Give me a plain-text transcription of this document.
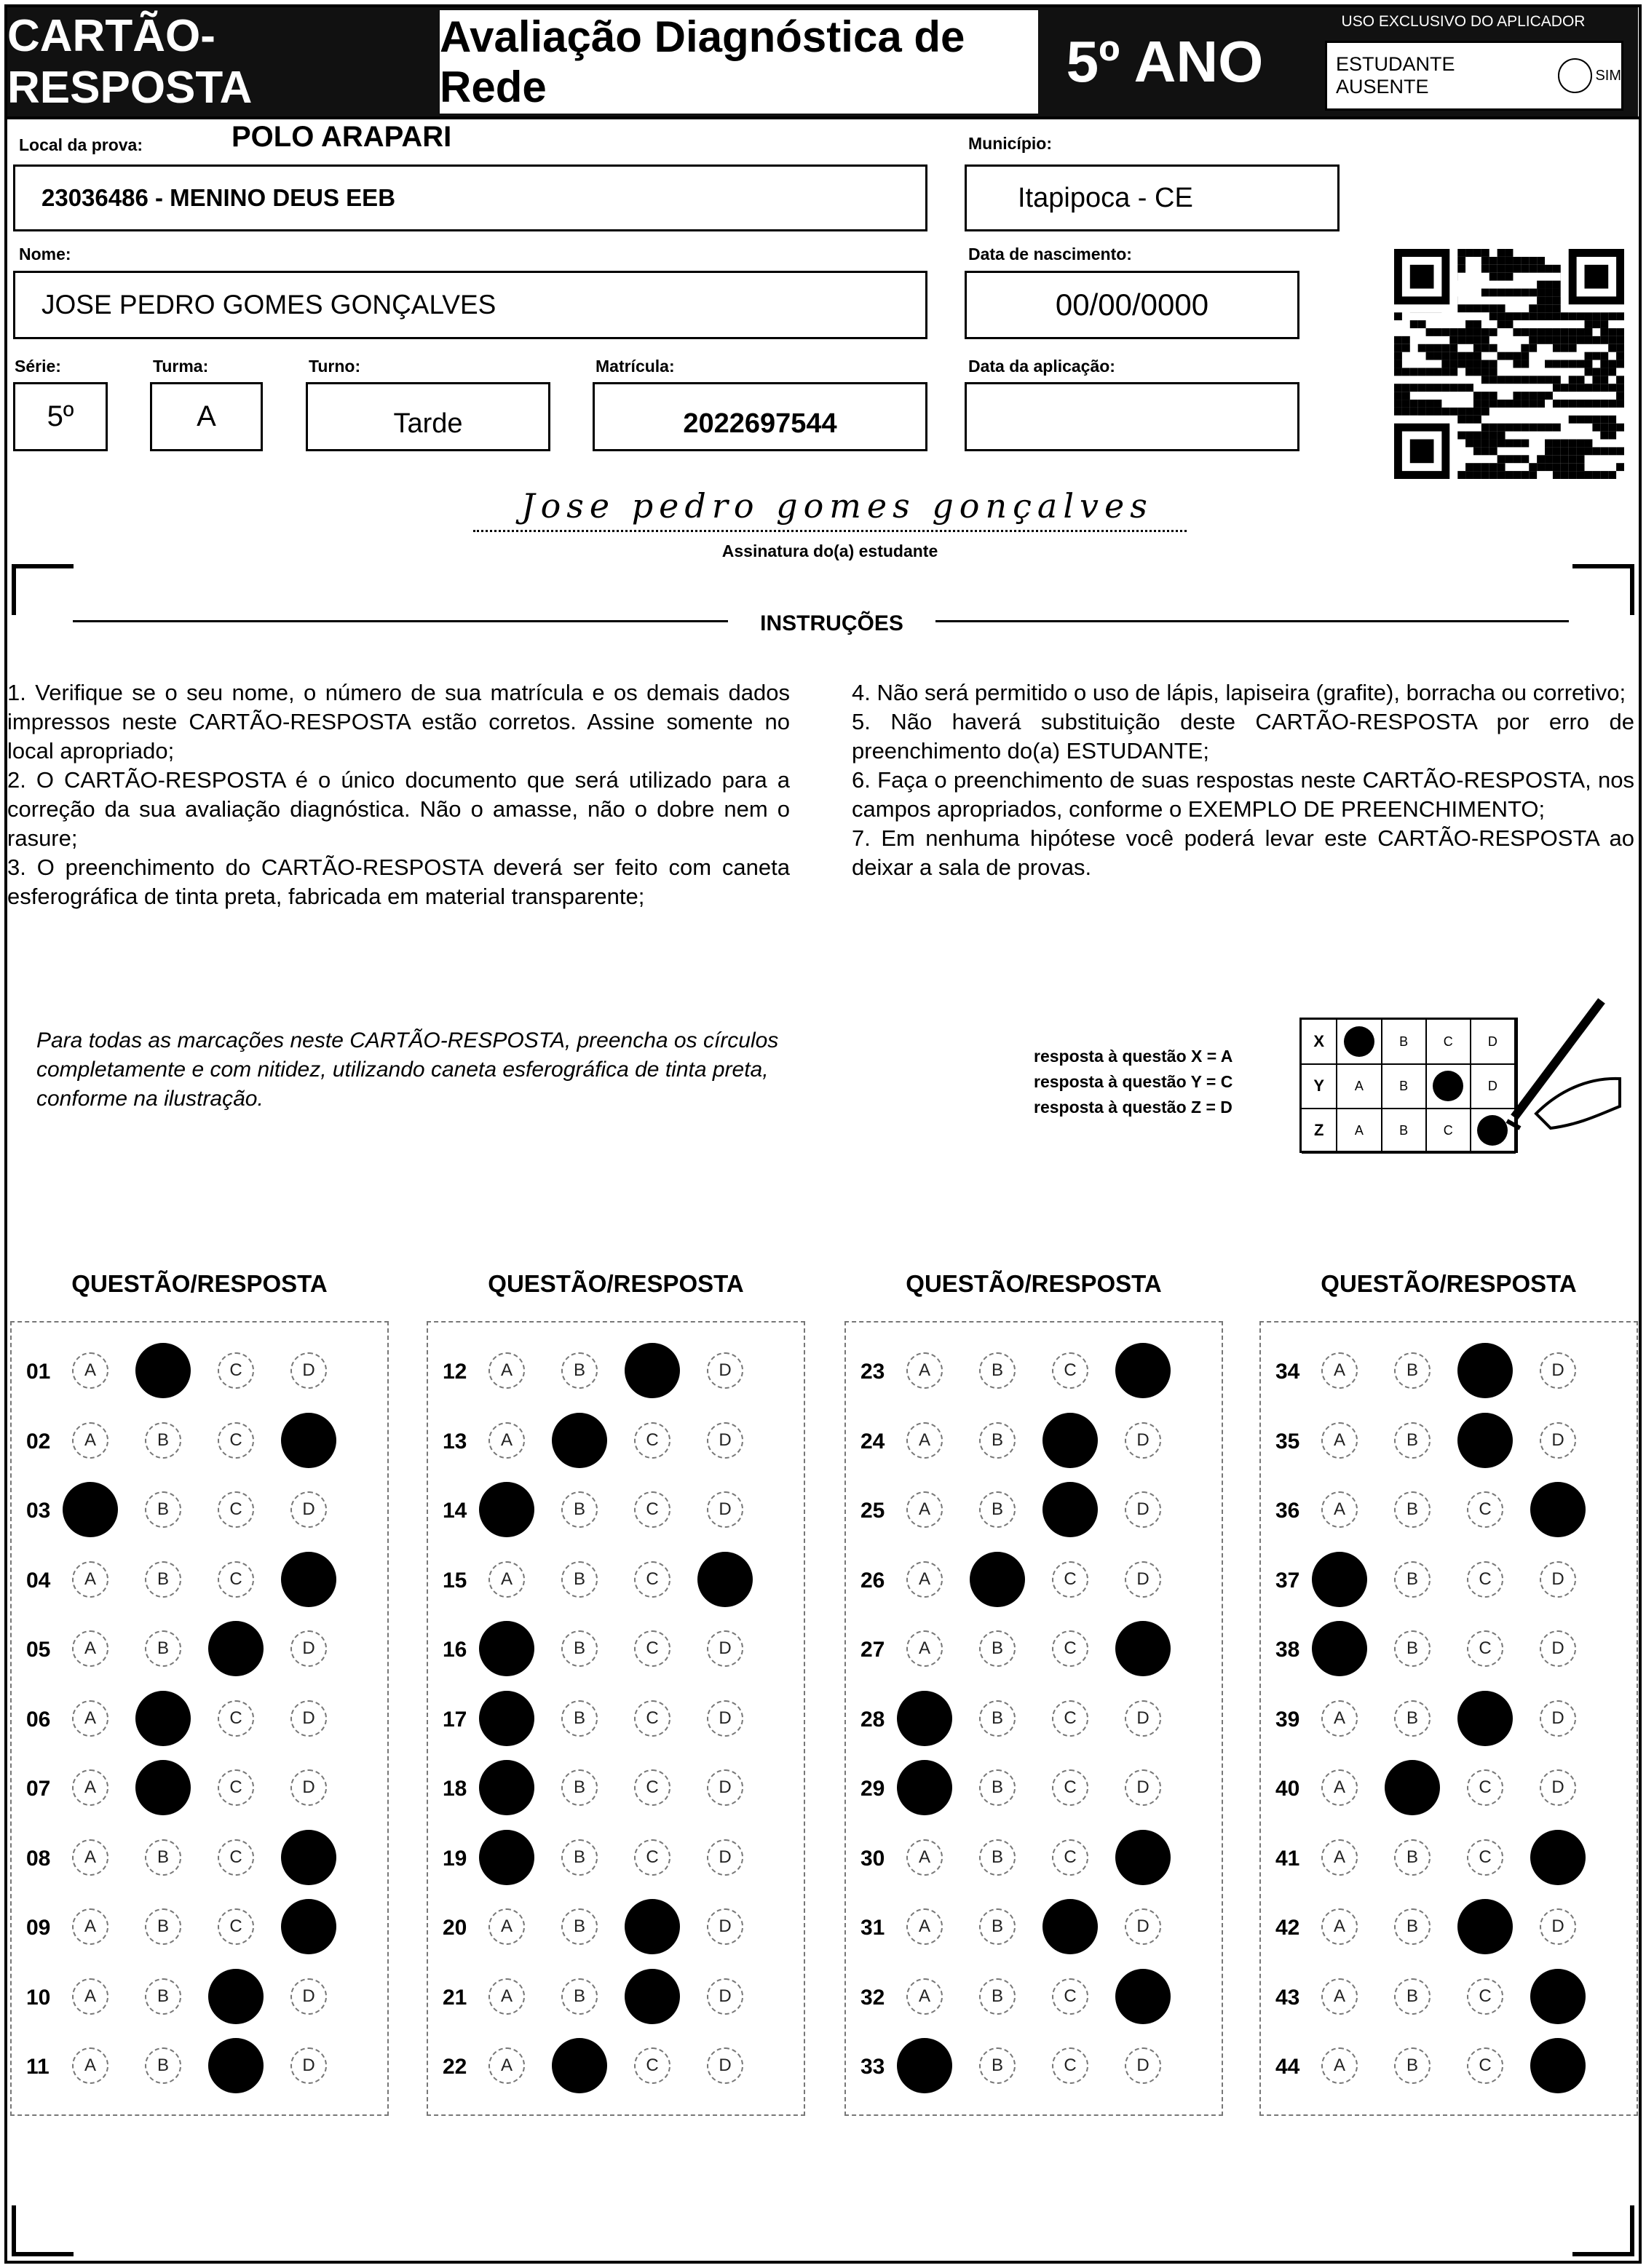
CARTÃO-RESPOSTA
Avaliação Diagnóstica de Rede	5º ANO
USO EXCLUSIVO DO APLICADOR
ESTUDANTE AUSENTE
SIM
Local da prova:	POLO ARAPARI
23036486 - MENINO DEUS EEB
Município:
Itapipoca - CE
Nome:
JOSE PEDRO GOMES GONÇALVES
Data de nascimento:
00/00/0000
Série:
5º
Turma:
A
Turno:
Tarde
Matrícula:
2022697544
Data da aplicação:
Jose pedro gomes gonçalves
Assinatura do(a) estudante
INSTRUÇÕES
1. Verifique se o seu nome, o número de sua matrícula e os demais dados impressos neste CARTÃO-RESPOSTA estão corretos. Assine somente no local apropriado;
2. O CARTÃO-RESPOSTA é o único documento que será utilizado para a correção da sua avaliação diagnóstica. Não o amasse, não o dobre nem o rasure;
3. O preenchimento do CARTÃO-RESPOSTA deverá ser feito com caneta esferográfica de tinta preta, fabricada em material transparente;
4. Não será permitido o uso de lápis, lapiseira (grafite), borracha ou corretivo;
5. Não haverá substituição deste CARTÃO-RESPOSTA por erro de preenchimento do(a) ESTUDANTE;
6. Faça o preenchimento de suas respostas neste CARTÃO-RESPOSTA, nos campos apropriados, conforme o EXEMPLO DE PREENCHIMENTO;
7. Em nenhuma hipótese você poderá levar este CARTÃO-RESPOSTA ao deixar a sala de provas.
Para todas as marcações neste CARTÃO-RESPOSTA, preencha os círculos completamente e com nitidez, utilizando caneta esferográfica de tinta preta, conforme na ilustração.
resposta à questão X = A
resposta à questão Y = C
resposta à questão Z = D
X	B	C	D
Y	A	B	D
Z	A	B	C
QUESTÃO/RESPOSTA
01	A	C	D
02	A	B	C
03	B	C	D
04	A	B	C
05	A	B	D
06	A	C	D
07	A	C	D
08	A	B	C
09	A	B	C
10	A	B	D
11	A	B	D
QUESTÃO/RESPOSTA
12	A	B	D
13	A	C	D
14	B	C	D
15	A	B	C
16	B	C	D
17	B	C	D
18	B	C	D
19	B	C	D
20	A	B	D
21	A	B	D
22	A	C	D
QUESTÃO/RESPOSTA
23	A	B	C
24	A	B	D
25	A	B	D
26	A	C	D
27	A	B	C
28	B	C	D
29	B	C	D
30	A	B	C
31	A	B	D
32	A	B	C
33	B	C	D
QUESTÃO/RESPOSTA
34	A	B	D
35	A	B	D
36	A	B	C
37	B	C	D
38	B	C	D
39	A	B	D
40	A	C	D
41	A	B	C
42	A	B	D
43	A	B	C
44	A	B	C
